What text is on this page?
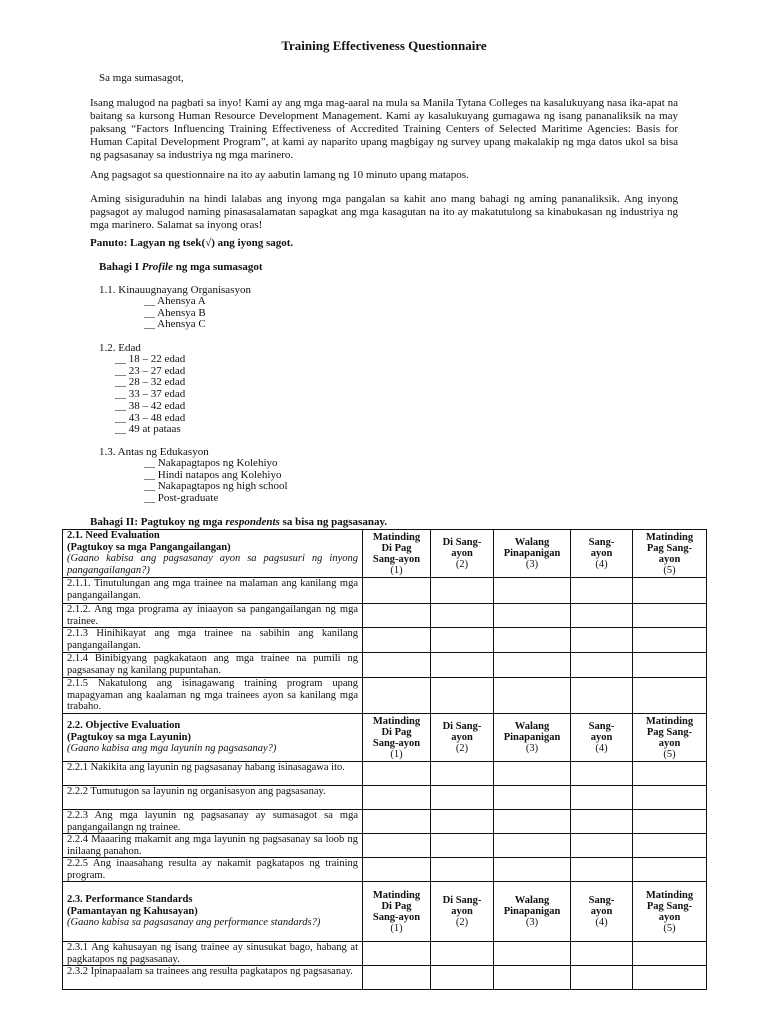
Training Effectiveness Questionnaire
Sa mga sumasagot,
Isang malugod na pagbati sa inyo! Kami ay ang mga mag-aaral na mula sa Manila Tytana Colleges na kasalukuyang nasa ika-apat na baitang sa kursong Human Resource Development Management. Kami ay kasalukuyang gumagawa ng isang pananaliksik na may paksang “Factors Influencing Training Effectiveness of Accredited Training Centers of Selected Maritime Agencies: Basis for Human Capital Development Program”, at kami ay naparito upang magbigay ng survey upang makalakip ng mga datos ukol sa bisa ng pagsasanay sa industriya ng mga marinero.
Ang pagsagot sa questionnaire na ito ay aabutin lamang ng 10 minuto upang matapos.
Aming sisiguraduhin na hindi lalabas ang inyong mga pangalan sa kahit ano mang bahagi ng aming pananaliksik. Ang inyong pagsagot ay malugod naming pinasasalamatan sapagkat ang mga kasagutan na ito ay makatutulong sa kinabukasan ng industriya ng mga marinero. Salamat sa inyong oras!
Panuto: Lagyan ng tsek(√) ang iyong sagot.
Bahagi I Profile ng mga sumasagot
1.1. Kinauugnayang Organisasyon
__ Ahensya A
__ Ahensya B
__ Ahensya C
1.2. Edad
__ 18 – 22 edad
__ 23 – 27 edad
__ 28 – 32 edad
__ 33 – 37 edad
__ 38 – 42 edad
__ 43 – 48 edad
__ 49 at pataas
1.3. Antas ng Edukasyon
__ Nakapagtapos ng Kolehiyo
__ Hindi natapos ang Kolehiyo
__ Nakapagtapos ng high school
__ Post-graduate
Bahagi II: Pagtukoy ng mga respondents sa bisa ng pagsasanay.
2.1. Need Evaluation
(Pagtukoy sa mga Pangangailangan)
(Gaano kabisa ang pagsasanay ayon sa pagsusuri ng inyong pangangailangan?)	Matinding
Di Pag
Sang-ayon
(1)	Di Sang-
ayon
(2)	Walang
Pinapanigan
(3)	Sang-
ayon
(4)	Matinding
Pag Sang-
ayon
(5)

2.1.1. Tinutulungan ang mga trainee na malaman ang kanilang mga pangangailangan.					
2.1.2. Ang mga programa ay iniaayon sa pangangailangan ng mga trainee.					
2.1.3 Hinihikayat ang mga trainee na sabihin ang kanilang pangangailangan.					
2.1.4 Binibigyang pagkakataon ang mga trainee na pumili ng pagsasanay ng kanilang pupuntahan.					
2.1.5 Nakatulong ang isinagawang training program upang mapagyaman ang kaalaman ng mga trainees ayon sa kanilang mga trabaho.					

2.2. Objective Evaluation
(Pagtukoy sa mga Layunin)
(Gaano kabisa ang mga layunin ng pagsasanay?)	Matinding
Di Pag
Sang-ayon
(1)	Di Sang-
ayon
(2)	Walang
Pinapanigan
(3)	Sang-
ayon
(4)	Matinding
Pag Sang-
ayon
(5)

2.2.1 Nakikita ang layunin ng pagsasanay habang isinasagawa ito.					
2.2.2 Tumutugon sa layunin ng organisasyon ang pagsasanay.					
2.2.3 Ang mga layunin ng pagsasanay ay sumasagot sa mga pangangailangn ng trainee.					
2.2.4 Maaaring makamit ang mga layunin ng pagsasanay sa loob ng inilaang panahon.					
2.2.5 Ang inaasahang resulta ay nakamit pagkatapos ng training program.					

2.3. Performance Standards
(Pamantayan ng Kahusayan)
(Gaano kabisa sa pagsasanay ang performance standards?)	Matinding
Di Pag
Sang-ayon
(1)	Di Sang-
ayon
(2)	Walang
Pinapanigan
(3)	Sang-
ayon
(4)	Matinding
Pag Sang-
ayon
(5)

2.3.1 Ang kahusayan ng isang trainee ay sinusukat bago, habang at pagkatapos ng pagsasanay.					
2.3.2 Ipinapaalam sa trainees ang resulta pagkatapos ng pagsasanay.					
